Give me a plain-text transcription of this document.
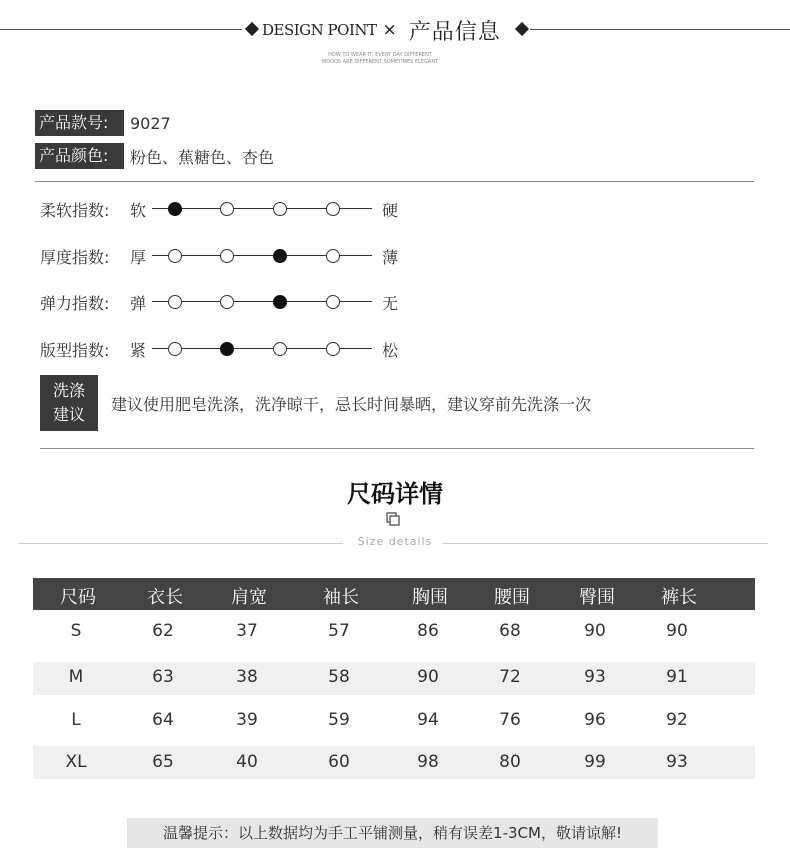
DESIGN POINT × 产品信息
HOW TO WEAR IT, EVERY DAY DIFFERENT
MOODS ARE DIFFERENT,SOMETIMES ELEGANT
产品款号:	9027
产品颜色:	粉色、蕉糖色、杏色
柔软指数:	软	硬
厚度指数:	厚	薄
弹力指数:	弹	无
版型指数:	紧	松
洗涤
建议
建议使用肥皂洗涤，洗净晾干，忌长时间暴晒，建议穿前先洗涤一次
尺码详情
Size details
尺码	衣长	肩宽	袖长	胸围	腰围	臀围	裤长
S	62	37	57	86	68	90	90
M	63	38	58	90	72	93	91
L	64	39	59	94	76	96	92
XL	65	40	60	98	80	99	93
温馨提示：以上数据均为手工平铺测量，稍有误差1-3CM，敬请谅解!
